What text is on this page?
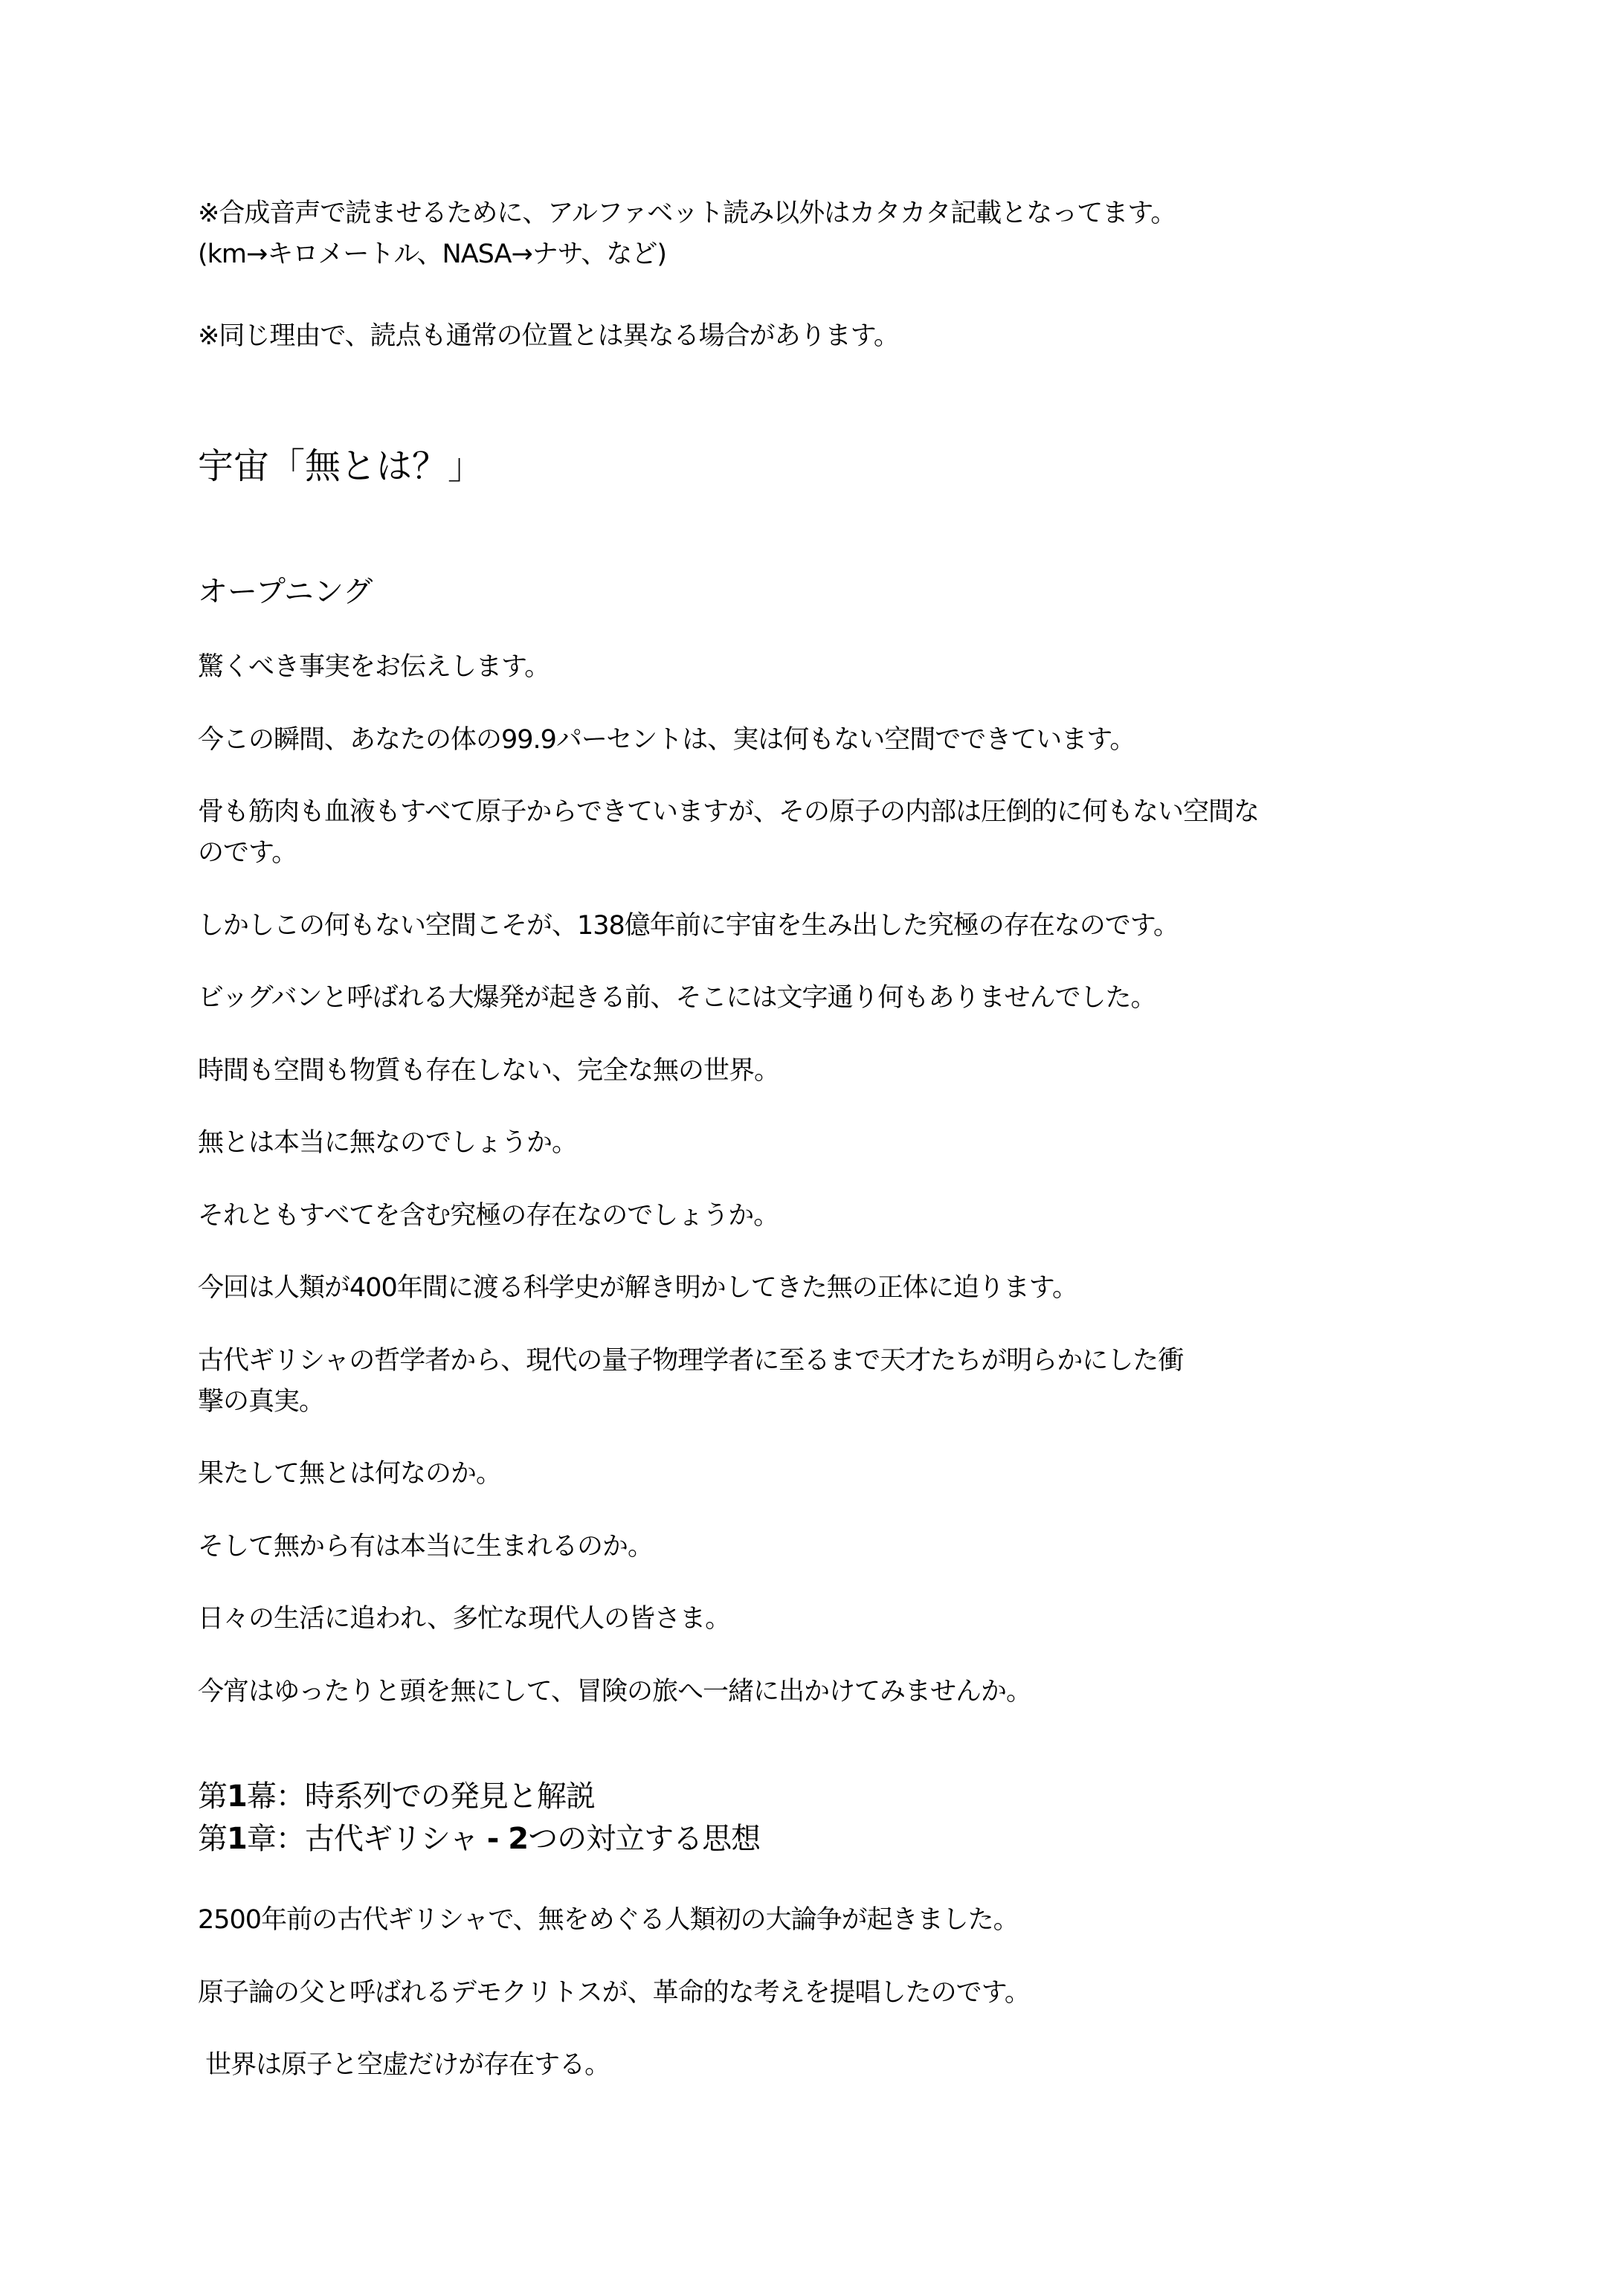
※合成音声で読ませるために、アルファベット読み以外はカタカタ記載となってます。
(km→キロメートル、NASA→ナサ、など)
※同じ理由で、読点も通常の位置とは異なる場合があります。
宇宙「無とは？」
オープニング
驚くべき事実をお伝えします。
今この瞬間、あなたの体の99.9パーセントは、実は何もない空間でできています。
骨も筋肉も血液もすべて原子からできていますが、その原子の内部は圧倒的に何もない空間な
のです。
しかしこの何もない空間こそが、138億年前に宇宙を生み出した究極の存在なのです。
ビッグバンと呼ばれる大爆発が起きる前、そこには文字通り何もありませんでした。
時間も空間も物質も存在しない、完全な無の世界。
無とは本当に無なのでしょうか。
それともすべてを含む究極の存在なのでしょうか。
今回は人類が400年間に渡る科学史が解き明かしてきた無の正体に迫ります。
古代ギリシャの哲学者から、現代の量子物理学者に至るまで天才たちが明らかにした衝
撃の真実。
果たして無とは何なのか。
そして無から有は本当に生まれるのか。
日々の生活に追われ、多忙な現代人の皆さま。
今宵はゆったりと頭を無にして、冒険の旅へ一緒に出かけてみませんか。
第1幕：時系列での発見と解説
第1章：古代ギリシャ - 2つの対立する思想
2500年前の古代ギリシャで、無をめぐる人類初の大論争が起きました。
原子論の父と呼ばれるデモクリトスが、革命的な考えを提唱したのです。
世界は原子と空虚だけが存在する。
